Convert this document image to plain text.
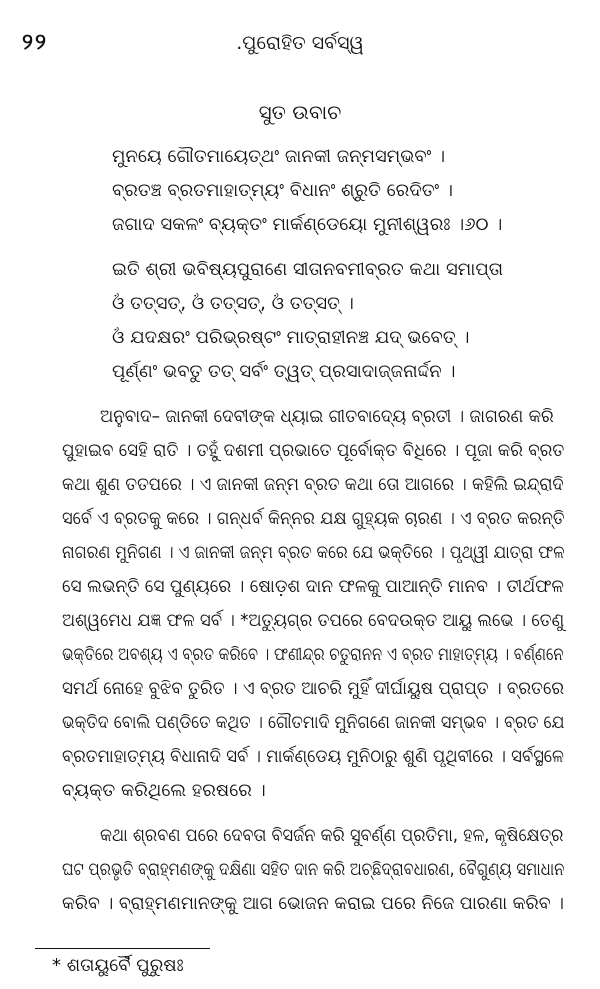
୨୨	.ପୁରୋହିତ ସର୍ବସ୍ୱ
ସୁତ ଉବାଚ
ମୁନୟେ ଗୌତମାୟେତ୍‌ଥଂ ଜାନକୀ ଜନ୍ମସମ୍ଭବଂ ।
ବ୍ରତଞ୍ଚ ବ୍ରତମାହାତ୍ମ୍ୟଂ ବିଧାନଂ ଶ୍ରୁତି ରେଦିତଂ ।
ଜଗାଦ ସକଳଂ ବ୍ୟକ୍ତଂ ମାର୍କଣ୍ଡେୟୋ ମୁନୀଶ୍ୱରଃ ।୬୦ ।
ଇତି ଶ୍ରୀ ଭବିଷ୍ୟପୁରାଣେ ସୀତାନବମୀବ୍ରତ କଥା ସମାପ୍ତା
ଓଁ ତତ୍‌ସତ୍‌, ଓଁ ତତ୍‌ସତ୍‌, ଓଁ ତତ୍‌ସତ୍‌ ।
ଓଁ ଯଦକ୍ଷରଂ ପରିଭ୍ରଷ୍ଟଂ ମାତ୍ରାହୀନଞ୍ଚ ଯଦ୍ ଭବେତ୍ ।
ପୂର୍ଣ୍ଣଂ ଭବତୁ ତତ୍ ସର୍ବଂ ତ୍ୱତ୍ ପ୍ରସାଦାଜ୍ଜନାର୍ଦ୍ଦନ ।
ଅନୁବାଦ– ଜାନକୀ ଦେବୀଙ୍କ ଧ୍ୟାଇ ଗୀତବାଦ୍ୟେ ବ୍ରତୀ । ଜାଗରଣ କରି
ପୁହାଇବ ସେହି ରାତି । ତହୁଁ ଦଶମୀ ପ୍ରଭାତେ ପୂର୍ବୋକ୍ତ ବିଧିରେ । ପୂଜା କରି ବ୍ରତ
କଥା ଶୁଣ ତତପରେ । ଏ ଜାନକୀ ଜନ୍ମ ବ୍ରତ କଥା ତୋ ଆଗରେ । କହିଲି ଇନ୍ଦ୍ରାଦି
ସର୍ବେ ଏ ବ୍ରତକୁ କରେ । ଗନ୍ଧର୍ବ କିନ୍ନର ଯକ୍ଷ ଗୁହ୍ୟକ ଚାରଣ । ଏ ବ୍ରତ କରନ୍ତି
ନାଗରଣ ମୁନିଗଣ । ଏ ଜାନକୀ ଜନ୍ମ ବ୍ରତ କରେ ଯେ ଭକ୍ତିରେ । ପୃଥ୍ୱୀ ଯାତ୍ରା ଫଳ
ସେ ଲଭନ୍ତି ସେ ପୁଣ୍ୟରେ । ଷୋଡ଼ଶ ଦାନ ଫଳକୁ ପାଆନ୍ତି ମାନବ । ତୀର୍ଥଫଳ
ଅଶ୍ୱମେଧ ଯଜ୍ଞ ଫଳ ସର୍ବ । *ଅତ୍ୟୁଗ୍ର ତପରେ ବେଦଉକ୍ତ ଆୟୁ ଲଭେ । ତେଣୁ
ଭକ୍ତିରେ ଅବଶ୍ୟ ଏ ବ୍ରତ କରିବେ । ଫଣୀନ୍ଦ୍ର ଚତୁରାନନ ଏ ବ୍ରତ ମାହାତ୍ମ୍ୟ । ବର୍ଣ୍ଣନେ
ସମର୍ଥ ନୋହେ ବୁଝିବ ତୁରିତ । ଏ ବ୍ରତ ଆଚରି ମୁହିଁ ଦୀର୍ଘାୟୁଷ ପ୍ରାପ୍ତ । ବ୍ରତରେ
ଭକ୍ତିଦ ବୋଲି ପଣ୍ଡିତେ କଥିତ । ଗୌତମାଦି ମୁନିଗଣେ ଜାନକୀ ସମ୍ଭବ । ବ୍ରତ ଯେ
ବ୍ରତମାହାତ୍ମ୍ୟ ବିଧାନାଦି ସର୍ବ । ମାର୍କଣ୍ଡେୟ ମୁନିଠାରୁ ଶୁଣି ପୃଥିବୀରେ । ସର୍ବସ୍ଥଳେ
ବ୍ୟକ୍ତ କରିଥିଲେ ହରଷରେ ।
କଥା ଶ୍ରବଣ ପରେ ଦେବତା ବିସର୍ଜନ କରି ସୁବର୍ଣ୍ଣ ପ୍ରତିମା, ହଳ, କୃଷିକ୍ଷେତ୍ର
ଘଟ ପ୍ରଭୃତି ବ୍ରାହ୍ମଣଙ୍କୁ ଦକ୍ଷିଣା ସହିତ ଦାନ କରି ଅଚ୍ଛିଦ୍ରାବଧାରଣ, ବୈଗୁଣ୍ୟ ସମାଧାନ
କରିବ । ବ୍ରାହ୍ମଣମାନଙ୍କୁ ଆଗ ଭୋଜନ କରାଇ ପରେ ନିଜେ ପାରଣା କରିବ ।
* ଶତାୟୁର୍ବୈ ପୁରୁଷଃ
